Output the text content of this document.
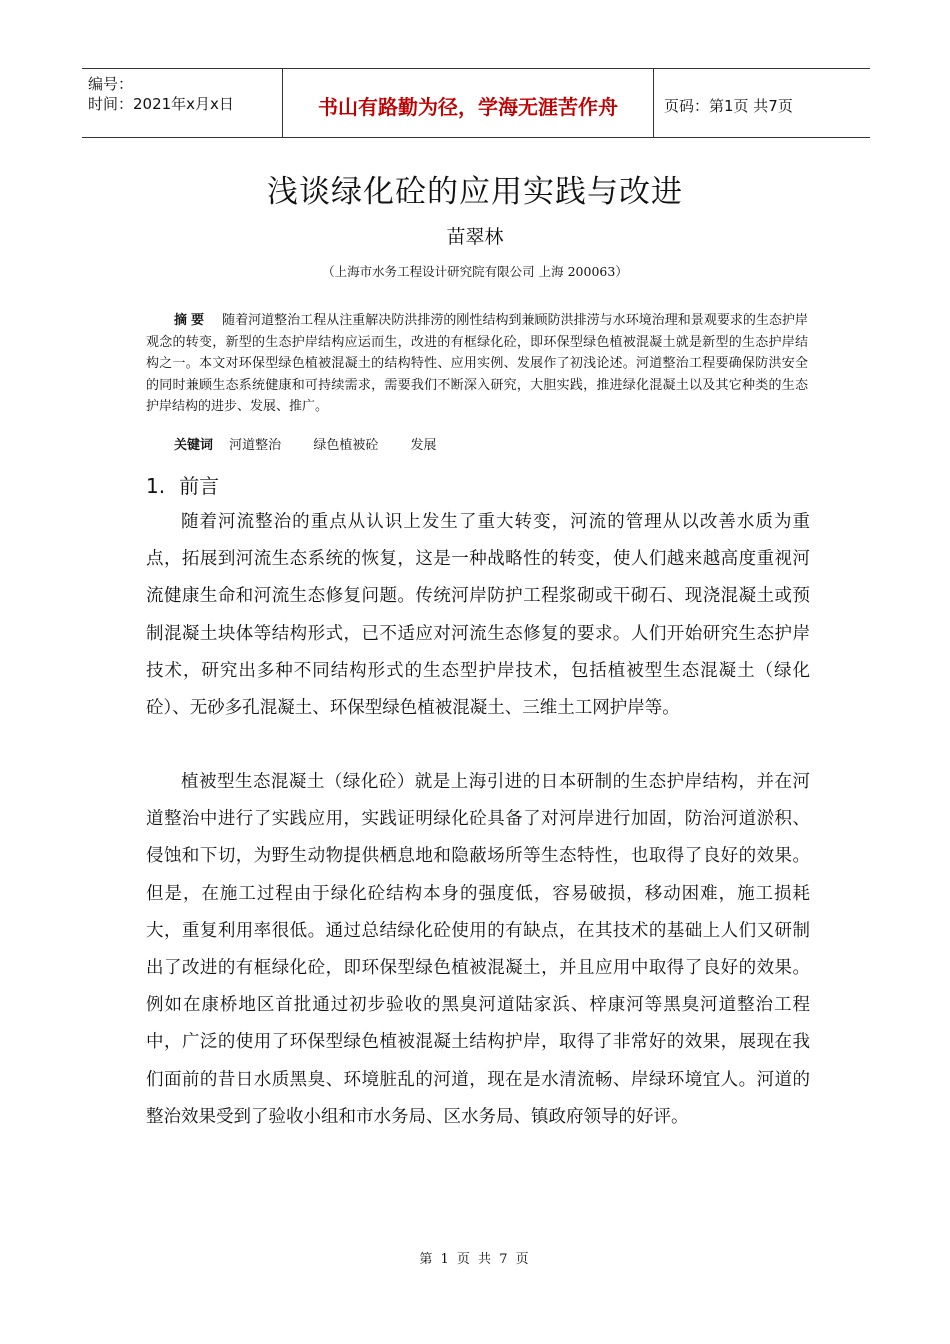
编号：
时间：2021年x月x日	书山有路勤为径，学海无涯苦作舟	页码：第1页 共7页
浅谈绿化砼的应用实践与改进
苗翠林
（上海市水务工程设计研究院有限公司 上海 200063）
摘要 随着河道整治工程从注重解决防洪排涝的刚性结构到兼顾防洪排涝与水环境治理和景观要求的生态护岸观念的转变，新型的生态护岸结构应运而生，改进的有框绿化砼，即环保型绿色植被混凝土就是新型的生态护岸结构之一。本文对环保型绿色植被混凝土的结构特性、应用实例、发展作了初浅论述。河道整治工程要确保防洪安全的同时兼顾生态系统健康和可持续需求，需要我们不断深入研究，大胆实践，推进绿化混凝土以及其它种类的生态护岸结构的进步、发展、推广。
关键词 河道整治 绿色植被砼 发展
1. 前言

随着河流整治的重点从认识上发生了重大转变，河流的管理从以改善水质为重点，拓展到河流生态系统的恢复，这是一种战略性的转变，使人们越来越高度重视河流健康生命和河流生态修复问题。传统河岸防护工程浆砌或干砌石、现浇混凝土或预制混凝土块体等结构形式，已不适应对河流生态修复的要求。人们开始研究生态护岸技术，研究出多种不同结构形式的生态型护岸技术，包括植被型生态混凝土（绿化砼）、无砂多孔混凝土、环保型绿色植被混凝土、三维土工网护岸等。

植被型生态混凝土（绿化砼）就是上海引进的日本研制的生态护岸结构，并在河道整治中进行了实践应用，实践证明绿化砼具备了对河岸进行加固，防治河道淤积、侵蚀和下切，为野生动物提供栖息地和隐蔽场所等生态特性，也取得了良好的效果。但是，在施工过程由于绿化砼结构本身的强度低，容易破损，移动困难，施工损耗大，重复利用率很低。通过总结绿化砼使用的有缺点，在其技术的基础上人们又研制出了改进的有框绿化砼，即环保型绿色植被混凝土，并且应用中取得了良好的效果。例如在康桥地区首批通过初步验收的黑臭河道陆家浜、梓康河等黑臭河道整治工程中，广泛的使用了环保型绿色植被混凝土结构护岸，取得了非常好的效果，展现在我们面前的昔日水质黑臭、环境脏乱的河道，现在是水清流畅、岸绿环境宜人。河道的整治效果受到了验收小组和市水务局、区水务局、镇政府领导的好评。

第 1 页 共 7 页
